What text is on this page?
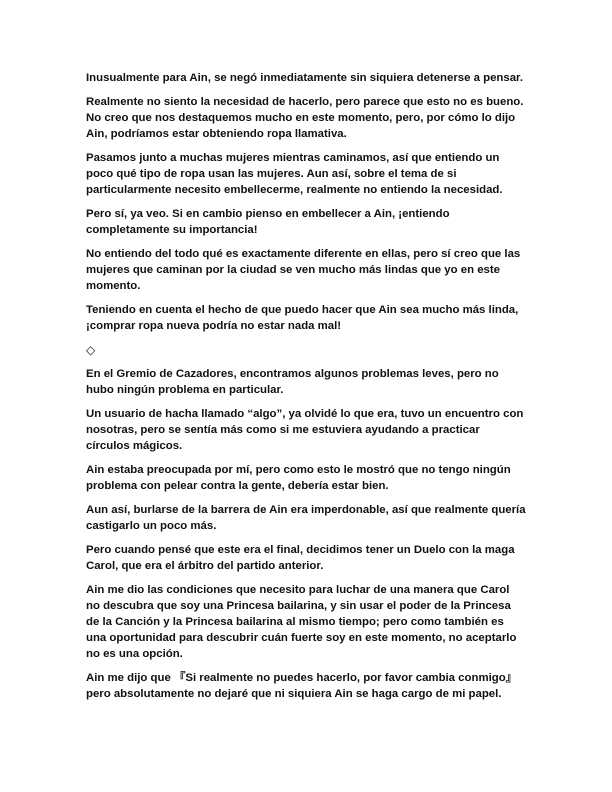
Inusualmente para Ain, se negó inmediatamente sin siquiera detenerse a pensar.

Realmente no siento la necesidad de hacerlo, pero parece que esto no es bueno. No creo que nos destaquemos mucho en este momento, pero, por cómo lo dijo Ain, podríamos estar obteniendo ropa llamativa.

Pasamos junto a muchas mujeres mientras caminamos, así que entiendo un poco qué tipo de ropa usan las mujeres. Aun así, sobre el tema de si particularmente necesito embellecerme, realmente no entiendo la necesidad.

Pero sí, ya veo. Si en cambio pienso en embellecer a Ain, ¡entiendo completamente su importancia!

No entiendo del todo qué es exactamente diferente en ellas, pero sí creo que las mujeres que caminan por la ciudad se ven mucho más lindas que yo en este momento.

Teniendo en cuenta el hecho de que puedo hacer que Ain sea mucho más linda, ¡comprar ropa nueva podría no estar nada mal!

◇

En el Gremio de Cazadores, encontramos algunos problemas leves, pero no hubo ningún problema en particular.

Un usuario de hacha llamado “algo”, ya olvidé lo que era, tuvo un encuentro con nosotras, pero se sentía más como si me estuviera ayudando a practicar círculos mágicos.

Ain estaba preocupada por mí, pero como esto le mostró que no tengo ningún problema con pelear contra la gente, debería estar bien.

Aun así, burlarse de la barrera de Ain era imperdonable, así que realmente quería castigarlo un poco más.

Pero cuando pensé que este era el final, decidimos tener un Duelo con la maga Carol, que era el árbitro del partido anterior.

Ain me dio las condiciones que necesito para luchar de una manera que Carol no descubra que soy una Princesa bailarina, y sin usar el poder de la Princesa de la Canción y la Princesa bailarina al mismo tiempo; pero como también es una oportunidad para descubrir cuán fuerte soy en este momento, no aceptarlo no es una opción.

Ain me dijo que 『Si realmente no puedes hacerlo, por favor cambia conmigo』 pero absolutamente no dejaré que ni siquiera Ain se haga cargo de mi papel.
